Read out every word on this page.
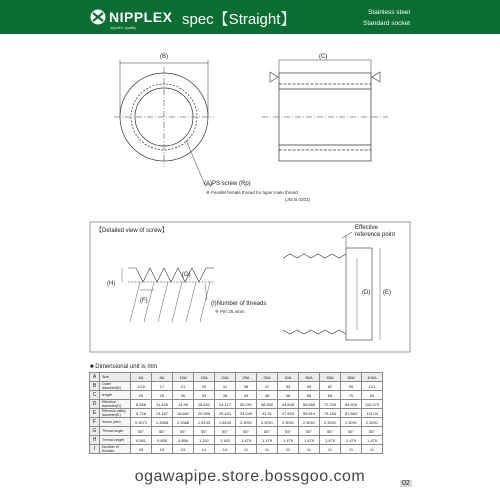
NIPPLEX
nippleX quality	spec【Straight】	Stainless steel
Standard socket
(B)	(C)
(A)PS screw (Rp)
※ Parallel female thread for taper male thread
(JIS B 0203)
【Detailed view of screw】	Effective
reference point
(H)
(G)
(F)	(I)Number of threads
※ Per 25.4mm
(D) (E)
■ Dimensional unit is mm
A	Size	6A	8A	10A	15A	20A	25A	32A	40A	50A	65A	80A	100A
B	Outer diameter(B)	13.8	17	21	25	31	38	47	53	69	82	95	121
C	length	20	25	26	33	36	43	48	48	56	65	70	84
D	Effective diameter(D)	8.566	11.445	14.95	18.631	24.117	30.291	38.952	44.845	56.656	72.226	84.926	110.072
E	Effective valley diameter(E)	9.728	13.157	16.662	20.955	26.441	33.249	41.91	47.803	59.614	75.184	87.884	113.03
F	Screw pitch	0.9071	1.3368	1.3368	1.8143	1.8143	2.3091	2.3091	2.3091	2.3091	2.3091	2.3091	2.3091
G	Thread angle	55°	55°	55°	55°	55°	55°	55°	55°	55°	55°	55°	55°
H	Thread height	0.581	0.856	0.856	1.162	1.162	1.479	1.479	1.479	1.479	1.479	1.479	1.479
I	Number of threads	28	19	19	14	14	11	11	11	11	11	11	11
ogawapipe.store.bossgoo.com	02
